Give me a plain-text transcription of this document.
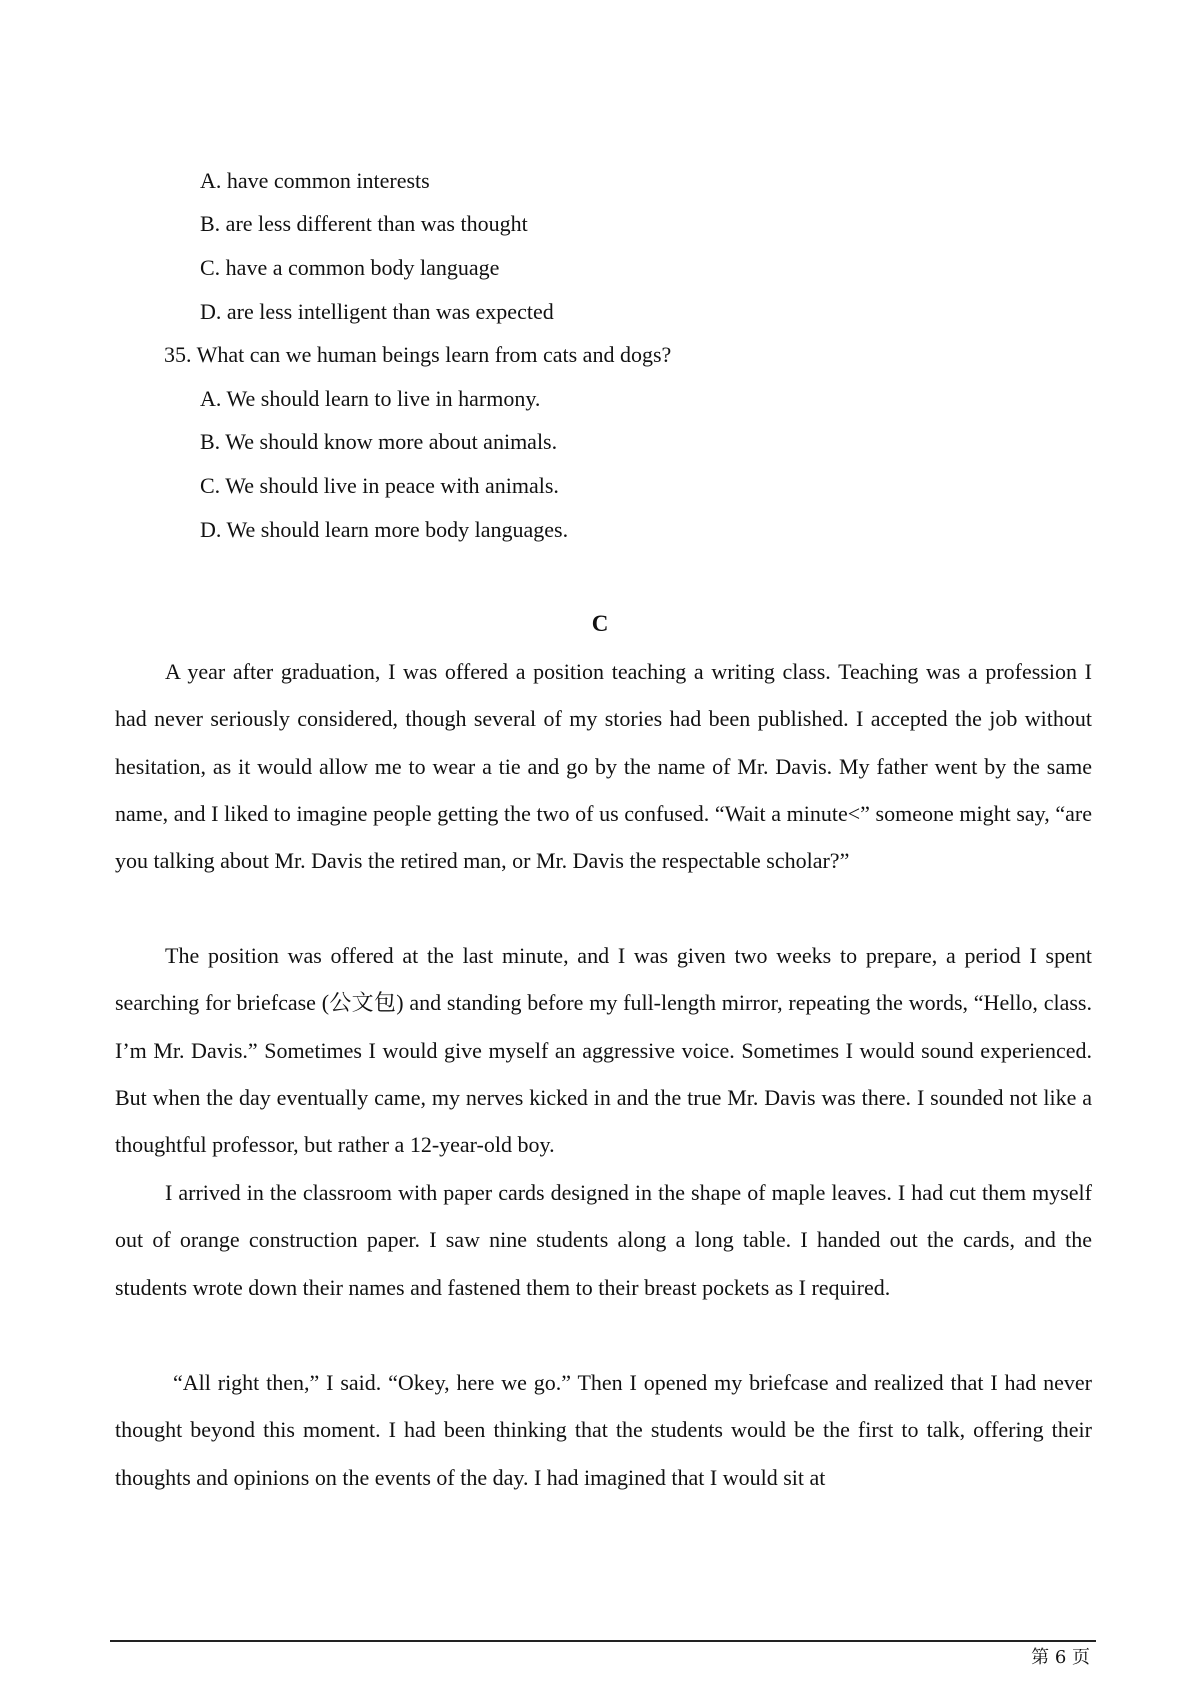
A. have common interests
B. are less different than was thought
C. have a common body language
D. are less intelligent than was expected
35. What can we human beings learn from cats and dogs?
A. We should learn to live in harmony.
B. We should know more about animals.
C. We should live in peace with animals.
D. We should learn more body languages.
C

A year after graduation, I was offered a position teaching a writing class. Teaching was a profession I had never seriously considered, though several of my stories had been published. I accepted the job without hesitation, as it would allow me to wear a tie and go by the name of Mr. Davis. My father went by the same name, and I liked to imagine people getting the two of us confused. “Wait a minute<” someone might say, “are you talking about Mr. Davis the retired man, or Mr. Davis the respectable scholar?”

The position was offered at the last minute, and I was given two weeks to prepare, a period I spent searching for briefcase (公文包) and standing before my full-length mirror, repeating the words, “Hello, class. I’m Mr. Davis.” Sometimes I would give myself an aggressive voice. Sometimes I would sound experienced. But when the day eventually came, my nerves kicked in and the true Mr. Davis was there. I sounded not like a thoughtful professor, but rather a 12-year-old boy.

I arrived in the classroom with paper cards designed in the shape of maple leaves. I had cut them myself out of orange construction paper. I saw nine students along a long table. I handed out the cards, and the students wrote down their names and fastened them to their breast pockets as I required.

“All right then,” I said. “Okey, here we go.” Then I opened my briefcase and realized that I had never thought beyond this moment. I had been thinking that the students would be the first to talk, offering their thoughts and opinions on the events of the day. I had imagined that I would sit at

第 6 页
